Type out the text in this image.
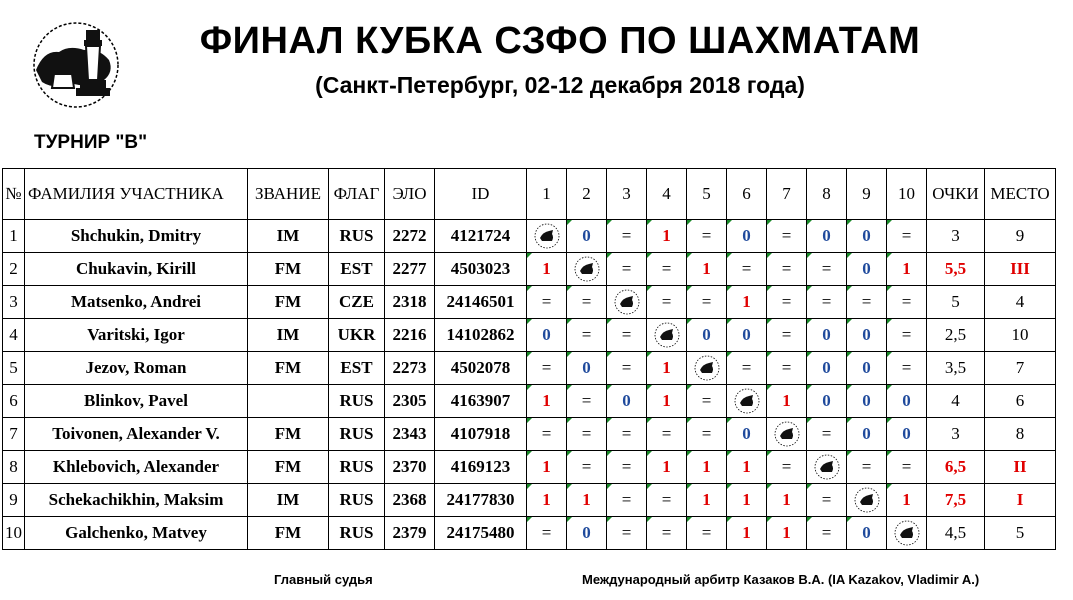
ФИНАЛ КУБКА СЗФО ПО ШАХМАТАМ
(Санкт-Петербург, 02-12 декабря 2018 года)
ТУРНИР "B"
№	ФАМИЛИЯ УЧАСТНИКА	ЗВАНИЕ	ФЛАГ	ЭЛО	ID	1	2	3	4	5	6	7	8	9	10	ОЧКИ	МЕСТО
1	Shchukin, Dmitry	IM	RUS	2272	4121724		0	=	1	=	0	=	0	0	=	3	9
2	Chukavin, Kirill	FM	EST	2277	4503023	1		=	=	1	=	=	=	0	1	5,5	III
3	Matsenko, Andrei	FM	CZE	2318	24146501	=	=		=	=	1	=	=	=	=	5	4
4	Varitski, Igor	IM	UKR	2216	14102862	0	=	=		0	0	=	0	0	=	2,5	10
5	Jezov, Roman	FM	EST	2273	4502078	=	0	=	1		=	=	0	0	=	3,5	7
6	Blinkov, Pavel		RUS	2305	4163907	1	=	0	1	=		1	0	0	0	4	6
7	Toivonen, Alexander V.	FM	RUS	2343	4107918	=	=	=	=	=	0		=	0	0	3	8
8	Khlebovich, Alexander	FM	RUS	2370	4169123	1	=	=	1	1	1	=		=	=	6,5	II
9	Schekachikhin, Maksim	IM	RUS	2368	24177830	1	1	=	=	1	1	1	=		1	7,5	I
10	Galchenko, Matvey	FM	RUS	2379	24175480	=	0	=	=	=	1	1	=	0		4,5	5
Главный судья	Международный арбитр Казаков В.А. (IA Kazakov, Vladimir A.)
